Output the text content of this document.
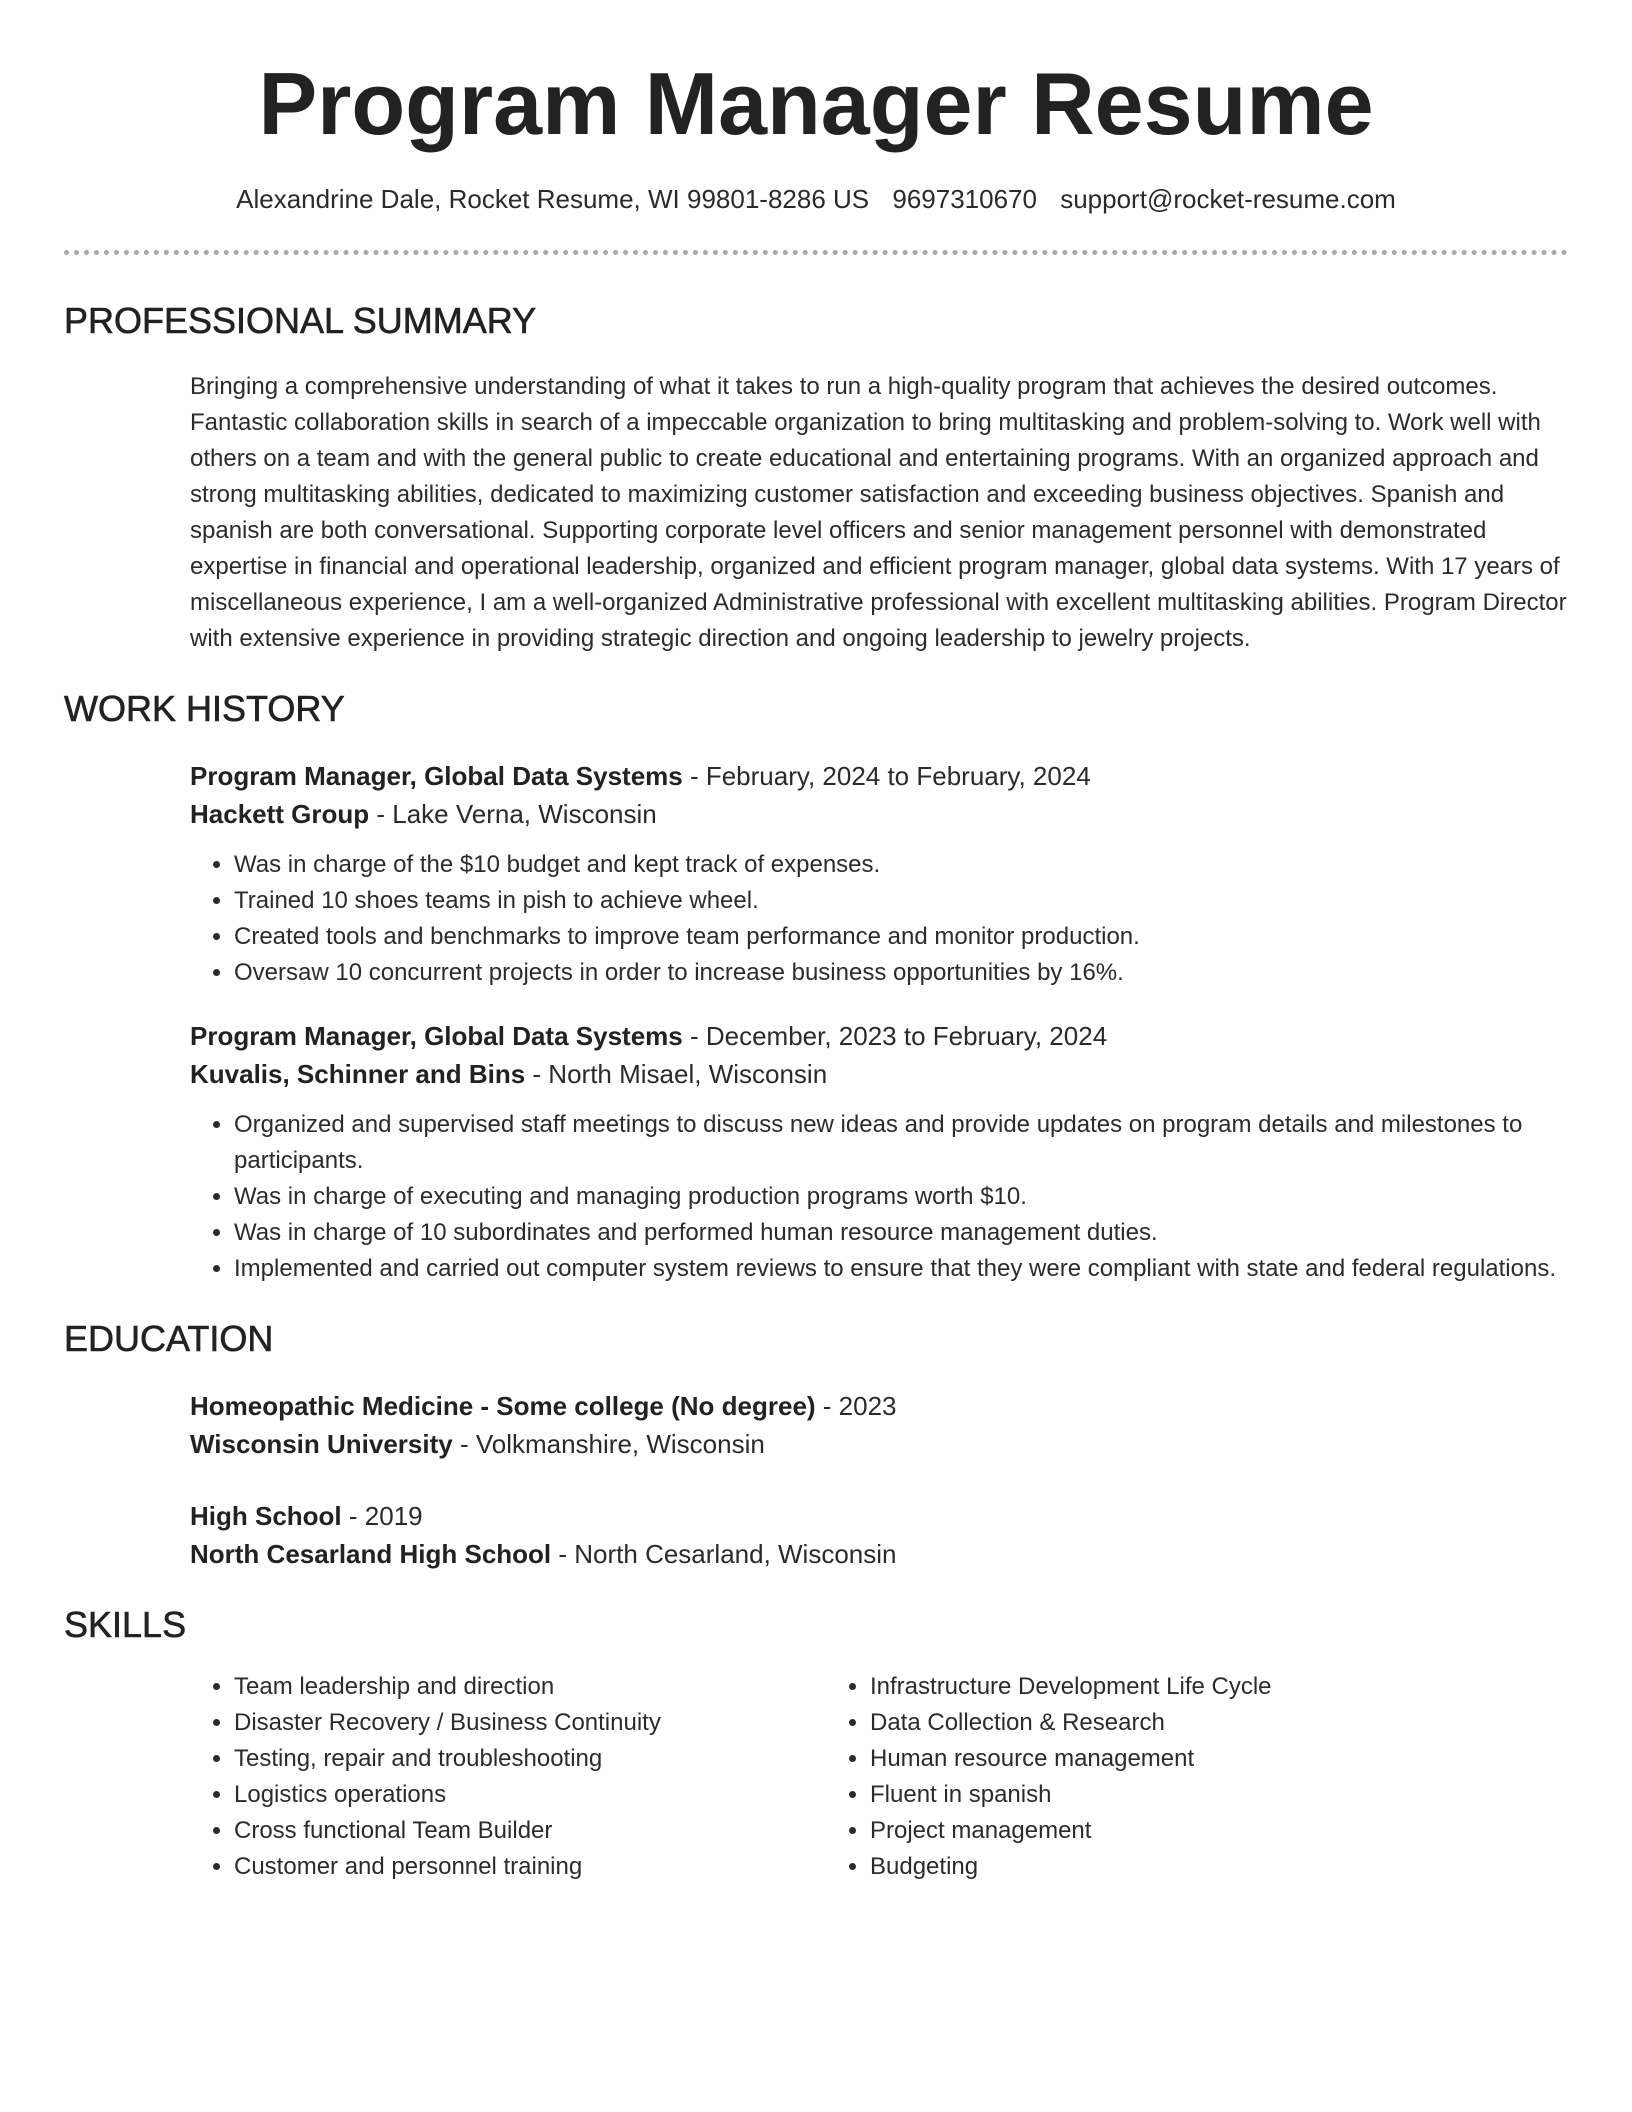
Program Manager Resume
Alexandrine Dale, Rocket Resume, WI 99801-8286 US 9697310670 support@rocket-resume.com
PROFESSIONAL SUMMARY
Bringing a comprehensive understanding of what it takes to run a high-quality program that achieves the desired outcomes. Fantastic collaboration skills in search of a impeccable organization to bring multitasking and problem-solving to. Work well with others on a team and with the general public to create educational and entertaining programs. With an organized approach and strong multitasking abilities, dedicated to maximizing customer satisfaction and exceeding business objectives. Spanish and spanish are both conversational. Supporting corporate level officers and senior management personnel with demonstrated expertise in financial and operational leadership, organized and efficient program manager, global data systems. With 17 years of miscellaneous experience, I am a well-organized Administrative professional with excellent multitasking abilities. Program Director with extensive experience in providing strategic direction and ongoing leadership to jewelry projects.
WORK HISTORY
Program Manager, Global Data Systems - February, 2024 to February, 2024
Hackett Group - Lake Verna, Wisconsin
• Was in charge of the $10 budget and kept track of expenses.
• Trained 10 shoes teams in pish to achieve wheel.
• Created tools and benchmarks to improve team performance and monitor production.
• Oversaw 10 concurrent projects in order to increase business opportunities by 16%.
Program Manager, Global Data Systems - December, 2023 to February, 2024
Kuvalis, Schinner and Bins - North Misael, Wisconsin
• Organized and supervised staff meetings to discuss new ideas and provide updates on program details and milestones to participants.
• Was in charge of executing and managing production programs worth $10.
• Was in charge of 10 subordinates and performed human resource management duties.
• Implemented and carried out computer system reviews to ensure that they were compliant with state and federal regulations.
EDUCATION
Homeopathic Medicine - Some college (No degree) - 2023
Wisconsin University - Volkmanshire, Wisconsin
High School - 2019
North Cesarland High School - North Cesarland, Wisconsin
SKILLS
• Team leadership and direction
• Disaster Recovery / Business Continuity
• Testing, repair and troubleshooting
• Logistics operations
• Cross functional Team Builder
• Customer and personnel training
• Infrastructure Development Life Cycle
• Data Collection & Research
• Human resource management
• Fluent in spanish
• Project management
• Budgeting
